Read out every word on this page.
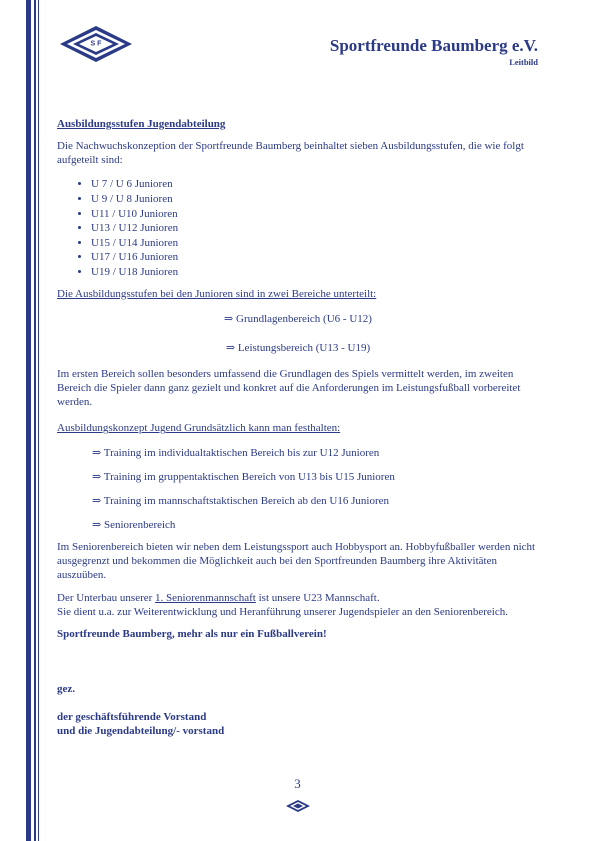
S F	Sportfreunde Baumberg e.V.
Leitbild

Ausbildungsstufen Jugendabteilung

Die Nachwuchskonzeption der Sportfreunde Baumberg beinhaltet sieben Ausbildungsstufen, die wie folgt aufgeteilt sind:

• U 7 / U 6 Junioren
• U 9 / U 8 Junioren
• U11 / U10 Junioren
• U13 / U12 Junioren
• U15 / U14 Junioren
• U17 / U16 Junioren
• U19 / U18 Junioren

Die Ausbildungsstufen bei den Junioren sind in zwei Bereiche unterteilt:

⇒ Grundlagenbereich (U6 - U12)

⇒ Leistungsbereich (U13 - U19)

Im ersten Bereich sollen besonders umfassend die Grundlagen des Spiels vermittelt werden, im zweiten Bereich die Spieler dann ganz gezielt und konkret auf die Anforderungen im Leistungsfußball vorbereitet werden.

Ausbildungskonzept Jugend Grundsätzlich kann man festhalten:

⇒ Training im individualtaktischen Bereich bis zur U12 Junioren

⇒ Training im gruppentaktischen Bereich von U13 bis U15 Junioren

⇒ Training im mannschaftstaktischen Bereich ab den U16 Junioren

⇒ Seniorenbereich

Im Seniorenbereich bieten wir neben dem Leistungssport auch Hobbysport an. Hobbyfußballer werden nicht ausgegrenzt und bekommen die Möglichkeit auch bei den Sportfreunden Baumberg ihre Aktivitäten auszuüben.

Der Unterbau unserer 1. Seniorenmannschaft ist unsere U23 Mannschaft.
Sie dient u.a. zur Weiterentwicklung und Heranführung unserer Jugendspieler an den Seniorenbereich.

Sportfreunde Baumberg, mehr als nur ein Fußballverein!

gez.

der geschäftsführende Vorstand

und die Jugendabteilung/- vorstand

3
